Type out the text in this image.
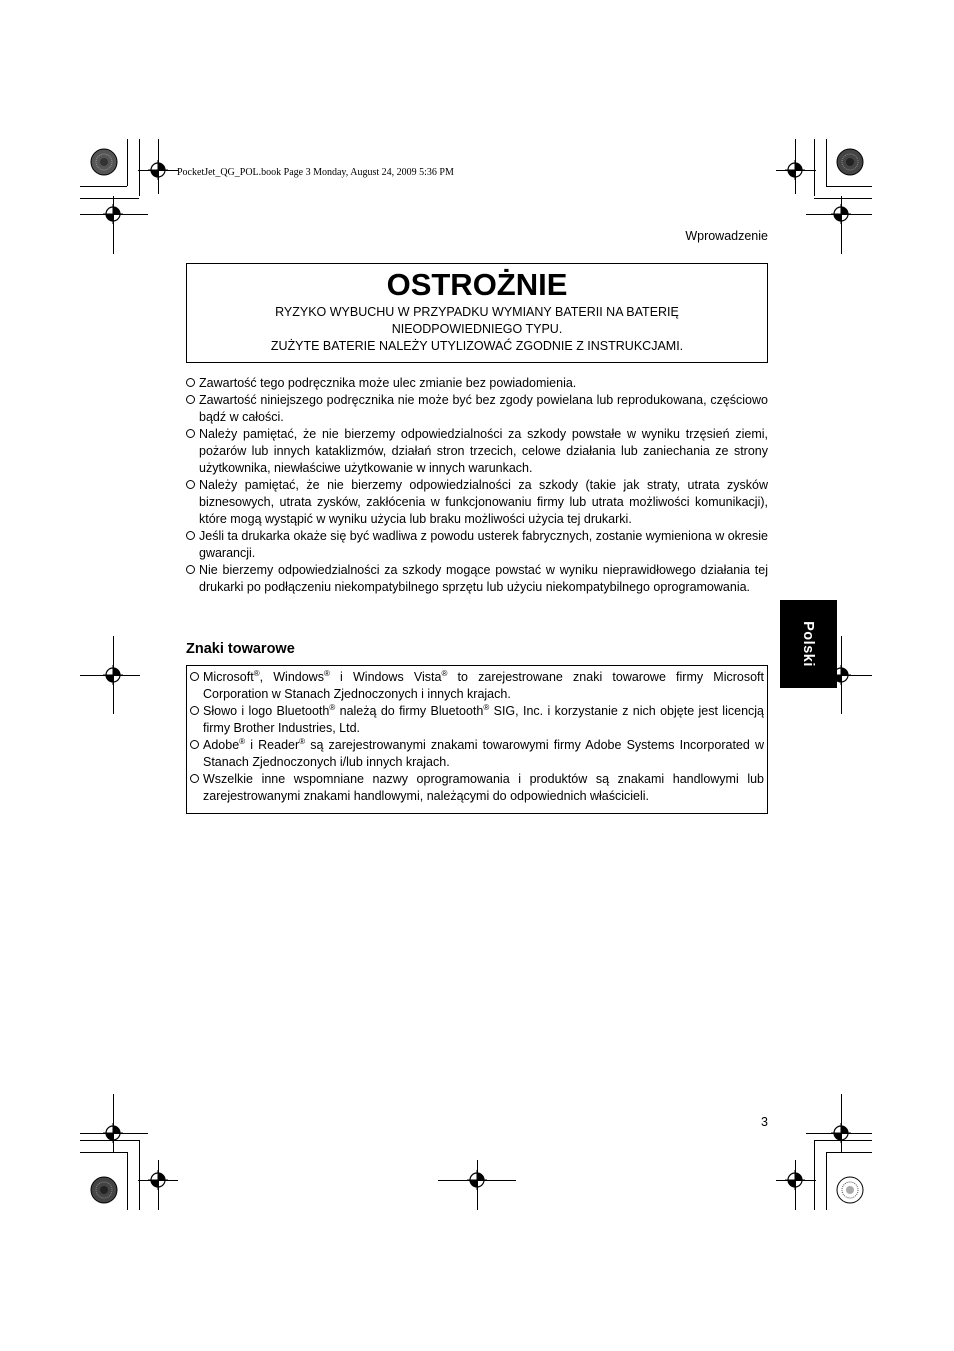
PocketJet_QG_POL.book Page 3 Monday, August 24, 2009 5:36 PM
Wprowadzenie
OSTROŻNIE
RYZYKO WYBUCHU W PRZYPADKU WYMIANY BATERII NA BATERIĘ
NIEODPOWIEDNIEGO TYPU.
ZUŻYTE BATERIE NALEŻY UTYLIZOWAĆ ZGODNIE Z INSTRUKCJAMI.
Zawartość tego podręcznika może ulec zmianie bez powiadomienia.
Zawartość niniejszego podręcznika nie może być bez zgody powielana lub reprodukowana, częściowo bądź w całości.
Należy pamiętać, że nie bierzemy odpowiedzialności za szkody powstałe w wyniku trzęsień ziemi, pożarów lub innych kataklizmów, działań stron trzecich, celowe działania lub zaniechania ze strony użytkownika, niewłaściwe użytkowanie w innych warunkach.
Należy pamiętać, że nie bierzemy odpowiedzialności za szkody (takie jak straty, utrata zysków biznesowych, utrata zysków, zakłócenia w funkcjonowaniu firmy lub utrata możliwości komunikacji), które mogą wystąpić w wyniku użycia lub braku możliwości użycia tej drukarki.
Jeśli ta drukarka okaże się być wadliwa z powodu usterek fabrycznych, zostanie wymieniona w okresie gwarancji.
Nie bierzemy odpowiedzialności za szkody mogące powstać w wyniku nieprawidłowego działania tej drukarki po podłączeniu niekompatybilnego sprzętu lub użyciu niekompatybilnego oprogramowania.
Znaki towarowe
Microsoft®, Windows® i Windows Vista® to zarejestrowane znaki towarowe firmy Microsoft Corporation w Stanach Zjednoczonych i innych krajach.
Słowo i logo Bluetooth® należą do firmy Bluetooth® SIG, Inc. i korzystanie z nich objęte jest licencją firmy Brother Industries, Ltd.
Adobe® i Reader® są zarejestrowanymi znakami towarowymi firmy Adobe Systems Incorporated w Stanach Zjednoczonych i/lub innych krajach.
Wszelkie inne wspomniane nazwy oprogramowania i produktów są znakami handlowymi lub zarejestrowanymi znakami handlowymi, należącymi do odpowiednich właścicieli.
Polski
3
